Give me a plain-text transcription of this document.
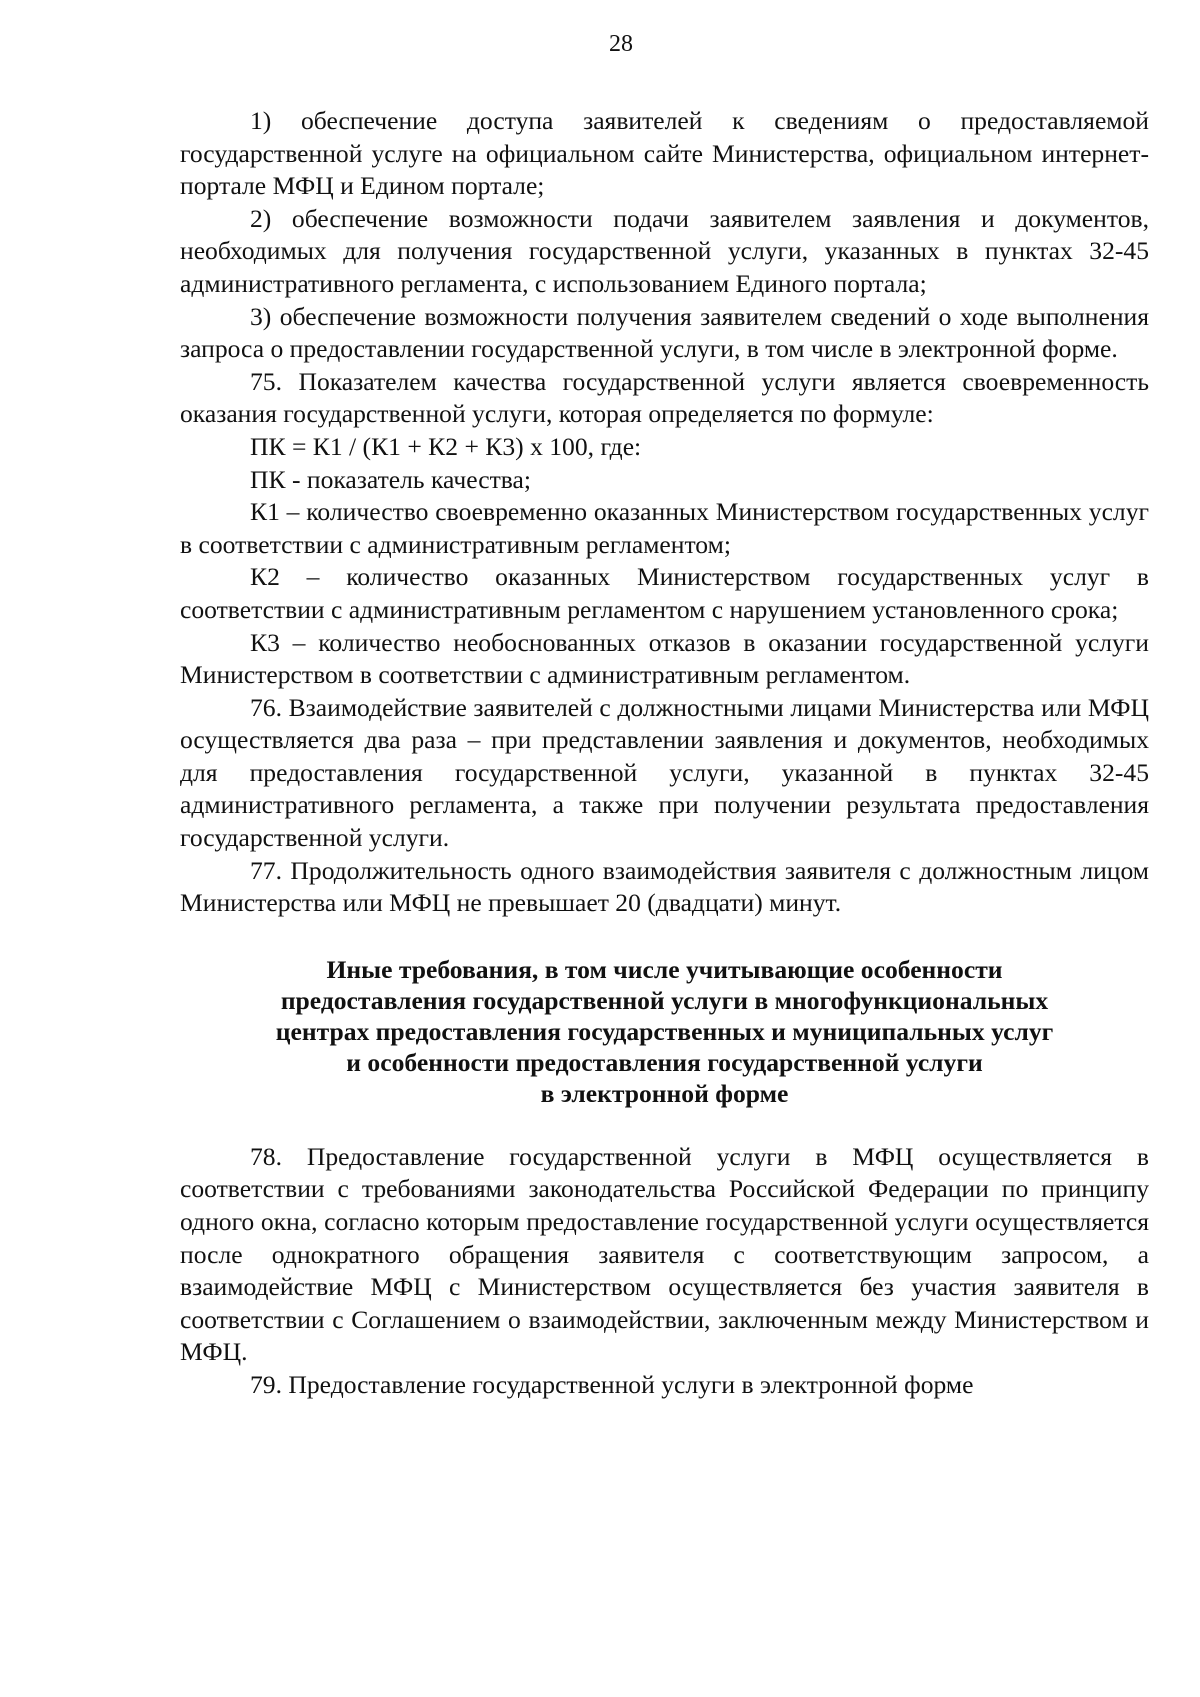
28

1) обеспечение доступа заявителей к сведениям о предоставляемой государственной услуге на официальном сайте Министерства, официальном интернет-портале МФЦ и Едином портале;

2) обеспечение возможности подачи заявителем заявления и документов, необходимых для получения государственной услуги, указанных в пунктах 32-45 административного регламента, с использованием Единого портала;

3) обеспечение возможности получения заявителем сведений о ходе выполнения запроса о предоставлении государственной услуги, в том числе в электронной форме.

75. Показателем качества государственной услуги является своевременность оказания государственной услуги, которая определяется по формуле:

ПК = К1 / (К1 + К2 + К3) х 100, где:

ПК - показатель качества;

К1 – количество своевременно оказанных Министерством государственных услуг в соответствии с административным регламентом;

К2 – количество оказанных Министерством государственных услуг в соответствии с административным регламентом с нарушением установленного срока;

К3 – количество необоснованных отказов в оказании государственной услуги Министерством в соответствии с административным регламентом.

76. Взаимодействие заявителей с должностными лицами Министерства или МФЦ осуществляется два раза – при представлении заявления и документов, необходимых для предоставления государственной услуги, указанной в пунктах 32-45 административного регламента, а также при получении результата предоставления государственной услуги.

77. Продолжительность одного взаимодействия заявителя с должностным лицом Министерства или МФЦ не превышает 20 (двадцати) минут.

Иные требования, в том числе учитывающие особенности
предоставления государственной услуги в многофункциональных
центрах предоставления государственных и муниципальных услуг
и особенности предоставления государственной услуги
в электронной форме

78. Предоставление государственной услуги в МФЦ осуществляется в соответствии с требованиями законодательства Российской Федерации по принципу одного окна, согласно которым предоставление государственной услуги осуществляется после однократного обращения заявителя с соответствующим запросом, а взаимодействие МФЦ с Министерством осуществляется без участия заявителя в соответствии с Соглашением о взаимодействии, заключенным между Министерством и МФЦ.

79. Предоставление государственной услуги в электронной форме
